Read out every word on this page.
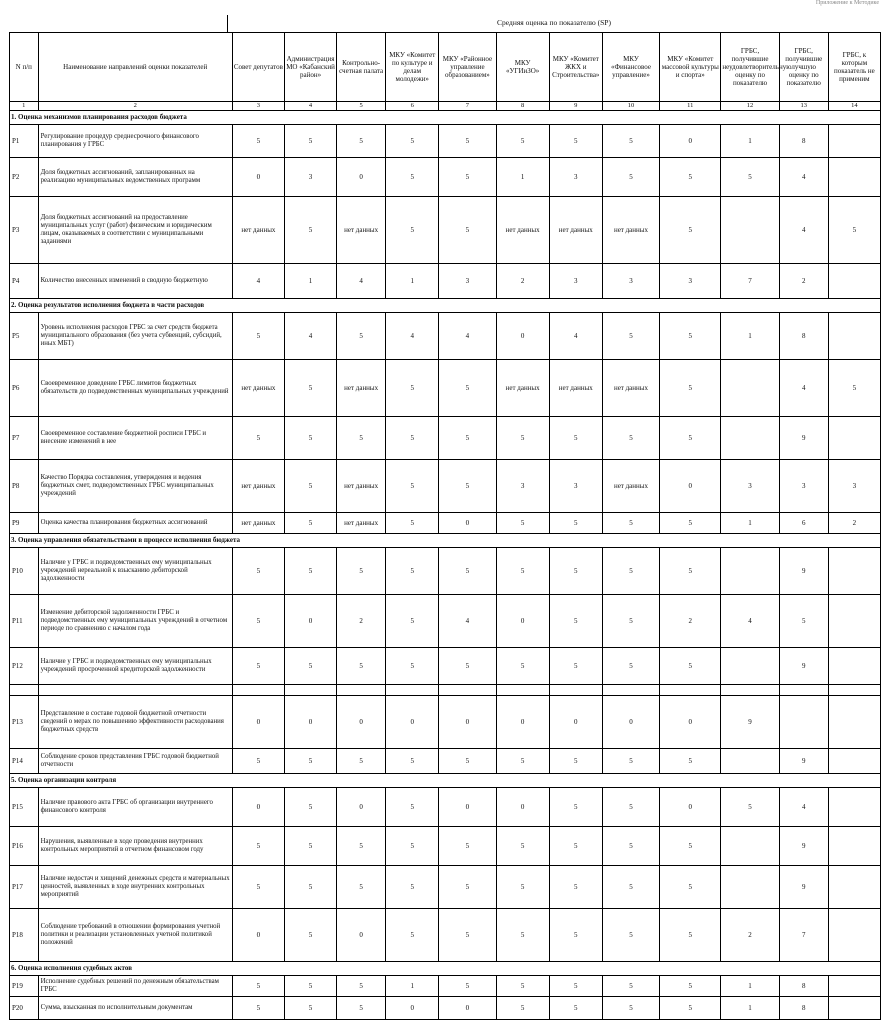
Приложение к Методике
Средняя оценка по показателю (SP)
N п/п	Наименование направлений оценки показателей	Совет депутатов	Администрация МО «Кабанский район»	Контрольно-счетная палата	МКУ «Комитет по культуре и делам молодежи»	МКУ «Районное управление образованием»	МКУ «УГИиЗО»	МКУ «Комитет ЖКХ и Строительства»	МКУ «Финансовое управление»	МКУ «Комитет массовой культуры и спорта»	ГРБС, получившие неудовлетворительную оценку по показателю	ГРБС, получившие лучшую оценку по показателю	ГРБС, к которым показатель не применим
1	2	3	4	5	6	7	8	9	10	11	12	13	14
1. Оценка механизмов планирования расходов бюджета													
P1	Регулирование процедур среднесрочного финансового планирования у ГРБС	5	5	5	5	5	5	5	5	0	1	8	
P2	Доля бюджетных ассигнований, запланированных на реализацию муниципальных ведомственных программ	0	3	0	5	5	1	3	5	5	5	4	
P3	Доля бюджетных ассигнований на предоставление муниципальных услуг (работ) физическим и юридическим лицам, оказываемых в соответствии с муниципальными заданиями	нет данных	5	нет данных	5	5	нет данных	нет данных	нет данных	5		4	5
P4	Количество внесенных изменений в сводную бюджетную	4	1	4	1	3	2	3	3	3	7	2	
2. Оценка результатов исполнения бюджета в части расходов													
P5	Уровень исполнения расходов ГРБС за счет средств бюджета муниципального образования (без учета субвенций, субсидий, иных МБТ)	5	4	5	4	4	0	4	5	5	1	8	
P6	Своевременное доведение ГРБС лимитов бюджетных обязательств до подведомственных муниципальных учреждений	нет данных	5	нет данных	5	5	нет данных	нет данных	нет данных	5		4	5
P7	Своевременное составление бюджетной росписи ГРБС и внесение изменений в нее	5	5	5	5	5	5	5	5	5		9	
P8	Качество Порядка составления, утверждения и ведения бюджетных смет, подведомственных ГРБС муниципальных учреждений	нет данных	5	нет данных	5	5	3	3	нет данных	0	3	3	3
P9	Оценка качества планирования бюджетных ассигнований	нет данных	5	нет данных	5	0	5	5	5	5	1	6	2
3. Оценка управления обязательствами в процессе исполнения бюджета													
P10	Наличие у ГРБС и подведомственных ему муниципальных учреждений нереальной к взысканию дебиторской задолженности	5	5	5	5	5	5	5	5	5		9	
P11	Изменение дебиторской задолженности ГРБС и подведомственных ему муниципальных учреждений в отчетном периоде по сравнению с началом года	5	0	2	5	4	0	5	5	2	4	5	
P12	Наличие у ГРБС и подведомственных ему муниципальных учреждений просроченной кредиторской задолженности	5	5	5	5	5	5	5	5	5		9	

P13	Представление в составе годовой бюджетной отчетности сведений о мерах по повышению эффективности расходования бюджетных средств	0	0	0	0	0	0	0	0	0	9		
P14	Соблюдение сроков представления ГРБС годовой бюджетной отчетности	5	5	5	5	5	5	5	5	5		9	
5. Оценка организации контроля													
P15	Наличие правового акта ГРБС об организации внутреннего финансового контроля	0	5	0	5	0	0	5	5	0	5	4	
P16	Нарушения, выявленные в ходе проведения внутренних контрольных мероприятий в отчетном финансовом году	5	5	5	5	5	5	5	5	5		9	
P17	Наличие недостач и хищений денежных средств и материальных ценностей, выявленных в ходе внутренних контрольных мероприятий	5	5	5	5	5	5	5	5	5		9	
P18	Соблюдение требований в отношении формирования учетной политики и реализации установленных учетной политикой положений	0	5	0	5	5	5	5	5	5	2	7	
6. Оценка исполнения судебных актов													
P19	Исполнение судебных решений по денежным обязательствам ГРБС	5	5	5	1	5	5	5	5	5	1	8	
P20	Сумма, взысканная по исполнительным документам	5	5	5	0	0	5	5	5	5	1	8	
